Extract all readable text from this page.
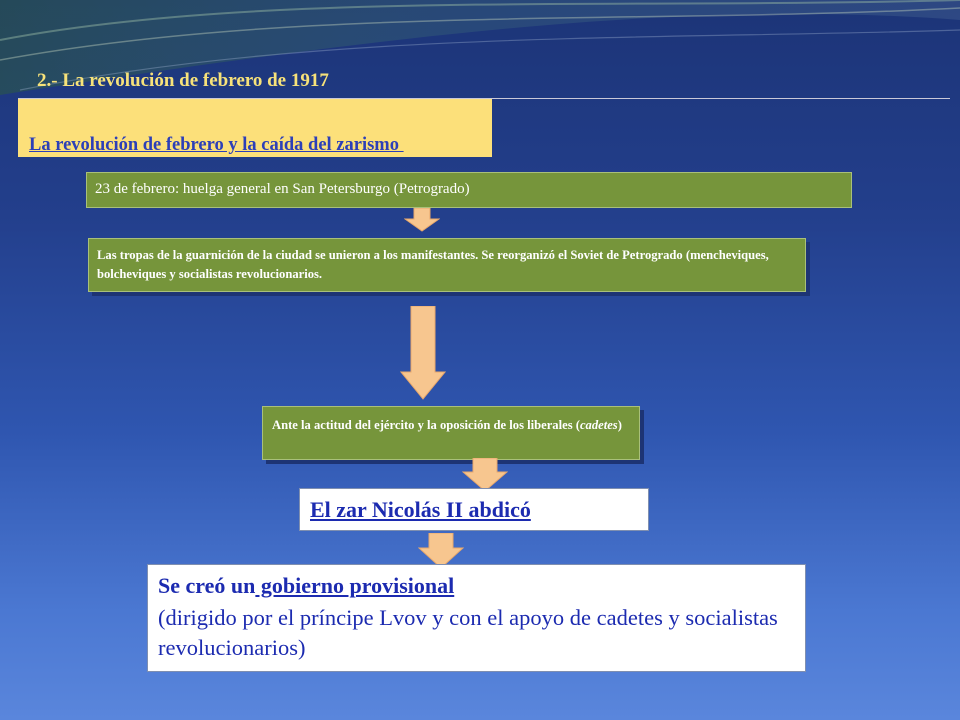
2.- La revolución de febrero de 1917
La revolución de febrero y la caída del zarismo
23 de febrero: huelga general en San Petersburgo (Petrogrado)
Las tropas de la guarnición de la ciudad se unieron a los manifestantes. Se reorganizó el Soviet de Petrogrado (mencheviques, bolcheviques y socialistas revolucionarios.
Ante la actitud del ejército y la oposición de los liberales (cadetes)
El zar Nicolás II abdicó
Se creó un gobierno provisional
(dirigido por el príncipe Lvov y con el apoyo de cadetes y socialistas revolucionarios)
